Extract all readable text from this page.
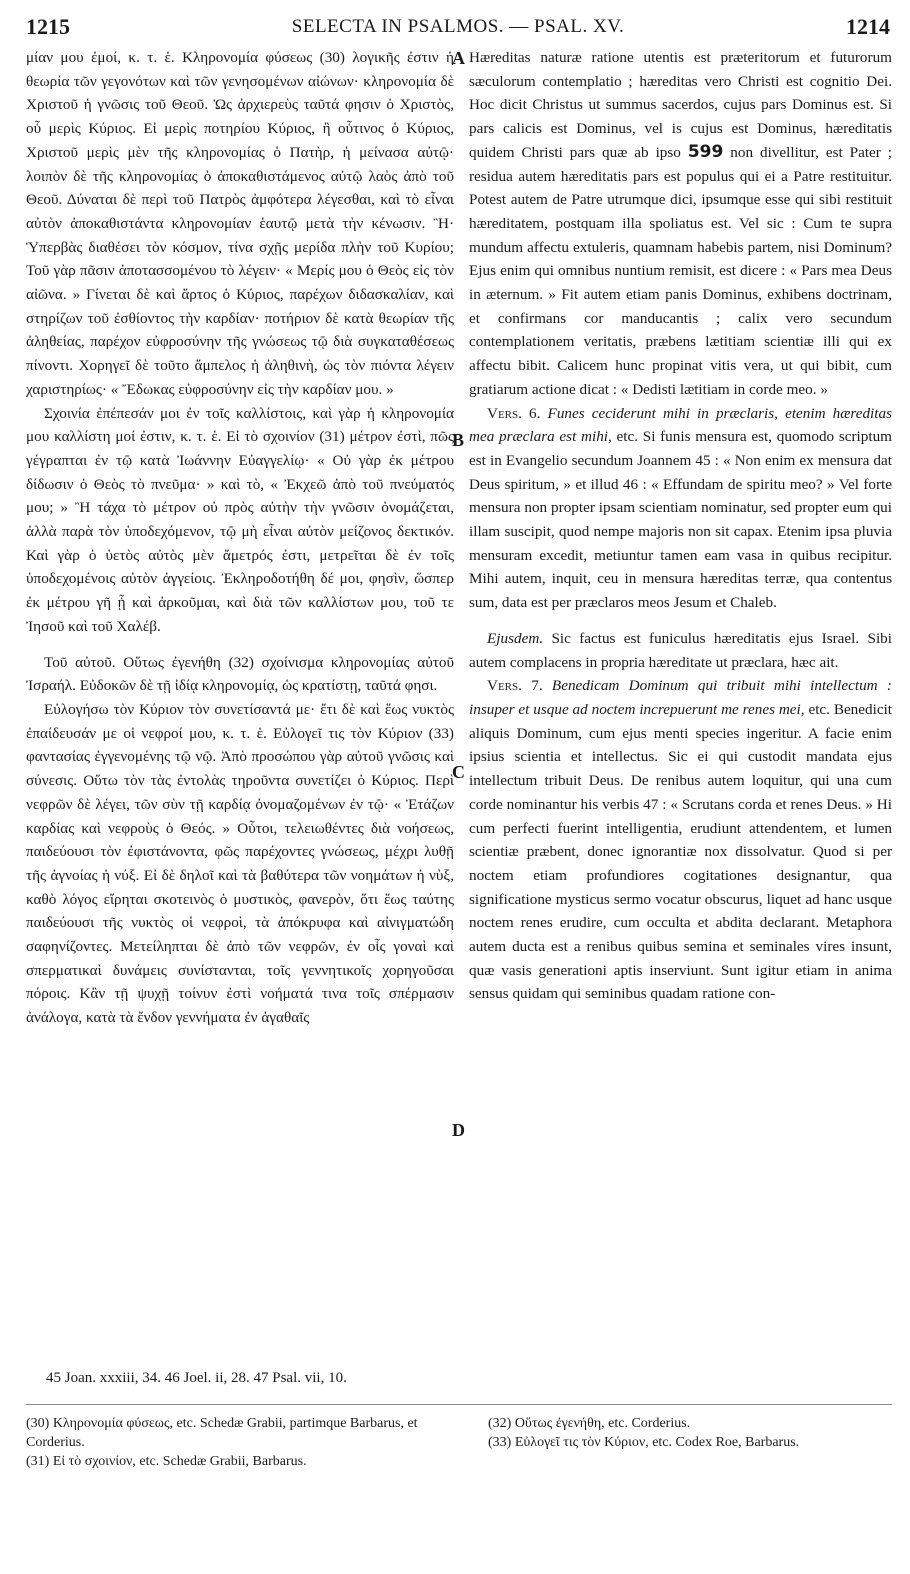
1215	SELECTA IN PSALMOS. — PSAL. XV.	1214

μίαν μου ἐμοί, κ. τ. ἑ. Κληρονομία φύσεως (30) λογικῆς ἐστιν ἡ θεωρία τῶν γεγονότων καὶ τῶν γενησομένων αἰώνων· κληρονομία δὲ Χριστοῦ ἡ γνῶσις τοῦ Θεοῦ. Ὡς ἀρχιερεὺς ταῦτά φησιν ὁ Χριστὸς, οὗ μερὶς Κύριος. Εἰ μερὶς ποτηρίου Κύριος, ἢ οὗτινος ὁ Κύριος, Χριστοῦ μερὶς μὲν τῆς κληρονομίας ὁ Πατὴρ, ἡ μείνασα αὐτῷ· λοιπὸν δὲ τῆς κληρονομίας ὁ ἀποκαθιστάμενος αὐτῷ λαὸς ἀπὸ τοῦ Θεοῦ. Δύναται δὲ περὶ τοῦ Πατρὸς ἀμφότερα λέγεσθαι, καὶ τὸ εἶναι αὐτὸν ἀποκαθιστάντα κληρονομίαν ἑαυτῷ μετὰ τὴν κένωσιν. Ἢ· Ὑπερβὰς διαθέσει τὸν κόσμον, τίνα σχῇς μερίδα πλὴν τοῦ Κυρίου; Τοῦ γὰρ πᾶσιν ἀποτασσομένου τὸ λέγειν· « Μερίς μου ὁ Θεὸς εἰς τὸν αἰῶνα. » Γίνεται δὲ καὶ ἄρτος ὁ Κύριος, παρέχων διδασκαλίαν, καὶ στηρίζων τοῦ ἐσθίοντος τὴν καρδίαν· ποτήριον δὲ κατὰ θεωρίαν τῆς ἀληθείας, παρέχον εὐφροσύνην τῆς γνώσεως τῷ διὰ συγκαταθέσεως πίνοντι. Χορηγεῖ δὲ τοῦτο ἄμπελος ἡ ἀληθινὴ, ὡς τὸν πιόντα λέγειν χαριστηρίως· « Ἔδωκας εὐφροσύνην εἰς τὴν καρδίαν μου. »

Σχοινία ἐπέπεσάν μοι ἐν τοῖς καλλίστοις, καὶ γὰρ ἡ κληρονομία μου καλλίστη μοί ἐστιν, κ. τ. ἑ. Εἰ τὸ σχοινίον (31) μέτρον ἐστὶ, πῶς γέγραπται ἐν τῷ κατὰ Ἰωάννην Εὐαγγελίῳ· « Οὐ γὰρ ἐκ μέτρου δίδωσιν ὁ Θεὸς τὸ πνεῦμα· » καὶ τὸ, « Ἐκχεῶ ἀπὸ τοῦ πνεύματός μου; » Ἢ τάχα τὸ μέτρον οὐ πρὸς αὐτὴν τὴν γνῶσιν ὀνομάζεται, ἀλλὰ παρὰ τὸν ὑποδεχόμενον, τῷ μὴ εἶναι αὐτὸν μείζονος δεκτικόν. Καὶ γὰρ ὁ ὑετὸς αὐτὸς μὲν ἄμετρός ἐστι, μετρεῖται δὲ ἐν τοῖς ὑποδεχομένοις αὐτὸν ἀγγείοις. Ἐκληροδοτήθη δέ μοι, φησὶν, ὥσπερ ἐκ μέτρου γῆ ᾗ καὶ ἀρκοῦμαι, καὶ διὰ τῶν καλλίστων μου, τοῦ τε Ἰησοῦ καὶ τοῦ Χαλέβ.

Τοῦ αὐτοῦ. Οὕτως ἐγενήθη (32) σχοίνισμα κληρονομίας αὐτοῦ Ἰσραήλ. Εὐδοκῶν δὲ τῇ ἰδίᾳ κληρονομίᾳ, ὡς κρατίστῃ, ταῦτά φησι.

Εὐλογήσω τὸν Κύριον τὸν συνετίσαντά με· ἔτι δὲ καὶ ἕως νυκτὸς ἐπαίδευσάν με οἱ νεφροί μου, κ. τ. ἑ. Εὐλογεῖ τις τὸν Κύριον (33) φαντασίας ἐγγενομένης τῷ νῷ. Ἀπὸ προσώπου γὰρ αὐτοῦ γνῶσις καὶ σύνεσις. Οὕτω τὸν τὰς ἐντολὰς τηροῦντα συνετίζει ὁ Κύριος. Περὶ νεφρῶν δὲ λέγει, τῶν σὺν τῇ καρδίᾳ ὀνομαζομένων ἐν τῷ· « Ἐτάζων καρδίας καὶ νεφροὺς ὁ Θεός. » Οὗτοι, τελειωθέντες διὰ νοήσεως, παιδεύουσι τὸν ἐφιστάνοντα, φῶς παρέχοντες γνώσεως, μέχρι λυθῇ τῆς ἀγνοίας ἡ νύξ. Εἰ δὲ δηλοῖ καὶ τὰ βαθύτερα τῶν νοημάτων ἡ νὺξ, καθὸ λόγος εἴρηται σκοτεινὸς ὁ μυστικὸς, φανερὸν, ὅτι ἕως ταύτης παιδεύουσι τῆς νυκτὸς οἱ νεφροὶ, τὰ ἀπόκρυφα καὶ αἰνιγματώδη σαφηνίζοντες. Μετείληπται δὲ ἀπὸ τῶν νεφρῶν, ἐν οἷς γοναὶ καὶ σπερματικαὶ δυνάμεις συνίστανται, τοῖς γεννητικοῖς χορηγοῦσαι πόροις. Κἂν τῇ ψυχῇ τοίνυν ἐστὶ νοήματά τινα τοῖς σπέρμασιν ἀνάλογα, κατὰ τὰ ἔνδον γεννήματα ἐν ἀγαθαῖς

A
B
C
D

Hæreditas naturæ ratione utentis est præteritorum et futurorum sæculorum contemplatio ; hæreditas vero Christi est cognitio Dei. Hoc dicit Christus ut summus sacerdos, cujus pars Dominus est. Si pars calicis est Dominus, vel is cujus est Dominus, hæreditatis quidem Christi pars quæ ab ipso 599 non divellitur, est Pater ; residua autem hæreditatis pars est populus qui ei a Patre restituitur. Potest autem de Patre utrumque dici, ipsumque esse qui sibi restituit hæreditatem, postquam illa spoliatus est. Vel sic : Cum te supra mundum affectu extuleris, quamnam habebis partem, nisi Dominum? Ejus enim qui omnibus nuntium remisit, est dicere : « Pars mea Deus in æternum. » Fit autem etiam panis Dominus, exhibens doctrinam, et confirmans cor manducantis ; calix vero secundum contemplationem veritatis, præbens lætitiam scientiæ illi qui ex affectu bibit. Calicem hunc propinat vitis vera, ut qui bibit, cum gratiarum actione dicat : « Dedisti lætitiam in corde meo. »

Vers. 6. Funes ceciderunt mihi in præclaris, etenim hæreditas mea præclara est mihi, etc. Si funis mensura est, quomodo scriptum est in Evangelio secundum Joannem 45 : « Non enim ex mensura dat Deus spiritum, » et illud 46 : « Effundam de spiritu meo? » Vel forte mensura non propter ipsam scientiam nominatur, sed propter eum qui illam suscipit, quod nempe majoris non sit capax. Etenim ipsa pluvia mensuram excedit, metiuntur tamen eam vasa in quibus recipitur. Mihi autem, inquit, ceu in mensura hæreditas terræ, qua contentus sum, data est per præclaros meos Jesum et Chaleb.

Ejusdem. Sic factus est funiculus hæreditatis ejus Israel. Sibi autem complacens in propria hæreditate ut præclara, hæc ait.

Vers. 7. Benedicam Dominum qui tribuit mihi intellectum : insuper et usque ad noctem increpuerunt me renes mei, etc. Benedicit aliquis Dominum, cum ejus menti species ingeritur. A facie enim ipsius scientia et intellectus. Sic ei qui custodit mandata ejus intellectum tribuit Deus. De renibus autem loquitur, qui una cum corde nominantur his verbis 47 : « Scrutans corda et renes Deus. » Hi cum perfecti fuerint intelligentia, erudiunt attendentem, et lumen scientiæ præbent, donec ignorantiæ nox dissolvatur. Quod si per noctem etiam profundiores cogitationes designantur, qua significatione mysticus sermo vocatur obscurus, liquet ad hanc usque noctem renes erudire, cum occulta et abdita declarant. Metaphora autem ducta est a renibus quibus semina et seminales vires insunt, quæ vasis generationi aptis inserviunt. Sunt igitur etiam in anima sensus quidam qui seminibus quadam ratione con-

45 Joan. xxxiii, 34. 46 Joel. ii, 28. 47 Psal. vii, 10.

(30) Κληρονομία φύσεως, etc. Schedæ Grabii, partimque Barbarus, et Corderius.

(31) Εἰ τὸ σχοινίον, etc. Schedæ Grabii, Barbarus.

(32) Οὕτως ἐγενήθη, etc. Corderius.

(33) Εὐλογεῖ τις τὸν Κύριον, etc. Codex Roe, Barbarus.
